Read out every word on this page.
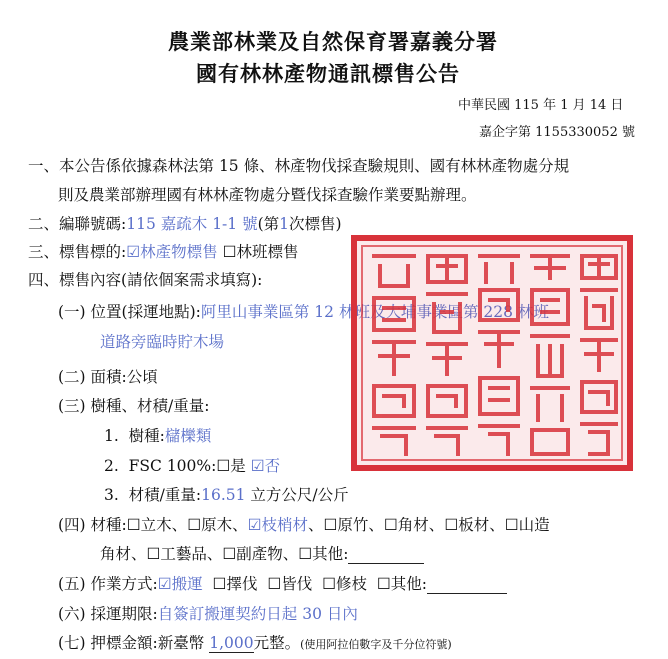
農業部林業及自然保育署嘉義分署
國有林林產物通訊標售公告
中華民國 115 年 1 月 14 日
嘉企字第 1155330052 號
一、本公告係依據森林法第 15 條、林產物伐採查驗規則、國有林林產物處分規
則及農業部辦理國有林林產物處分暨伐採查驗作業要點辦理。
二、編聯號碼:115 嘉疏木 1-1 號(第1次標售)
三、標售標的:☑林產物標售 ☐林班標售
四、標售內容(請依個案需求填寫):
(一) 位置(採運地點):阿里山事業區第 12 林班及大埔事業區第 228 林班
道路旁臨時貯木場
(二) 面積:公頃
(三) 樹種、材積/重量:
1. 樹種:櫧櫟類
2. FSC 100%:☐是 ☑否
3. 材積/重量:16.51 立方公尺/公斤
(四) 材種:☐立木、☐原木、☑枝梢材、☐原竹、☐角材、☐板材、☐山造
角材、☐工藝品、☐副產物、☐其他:
(五) 作業方式:☑搬運 ☐擇伐 ☐皆伐 ☐修枝 ☐其他:
(六) 採運期限:自簽訂搬運契約日起 30 日內
(七) 押標金額:新臺幣 1,000元整。(使用阿拉伯數字及千分位符號)
